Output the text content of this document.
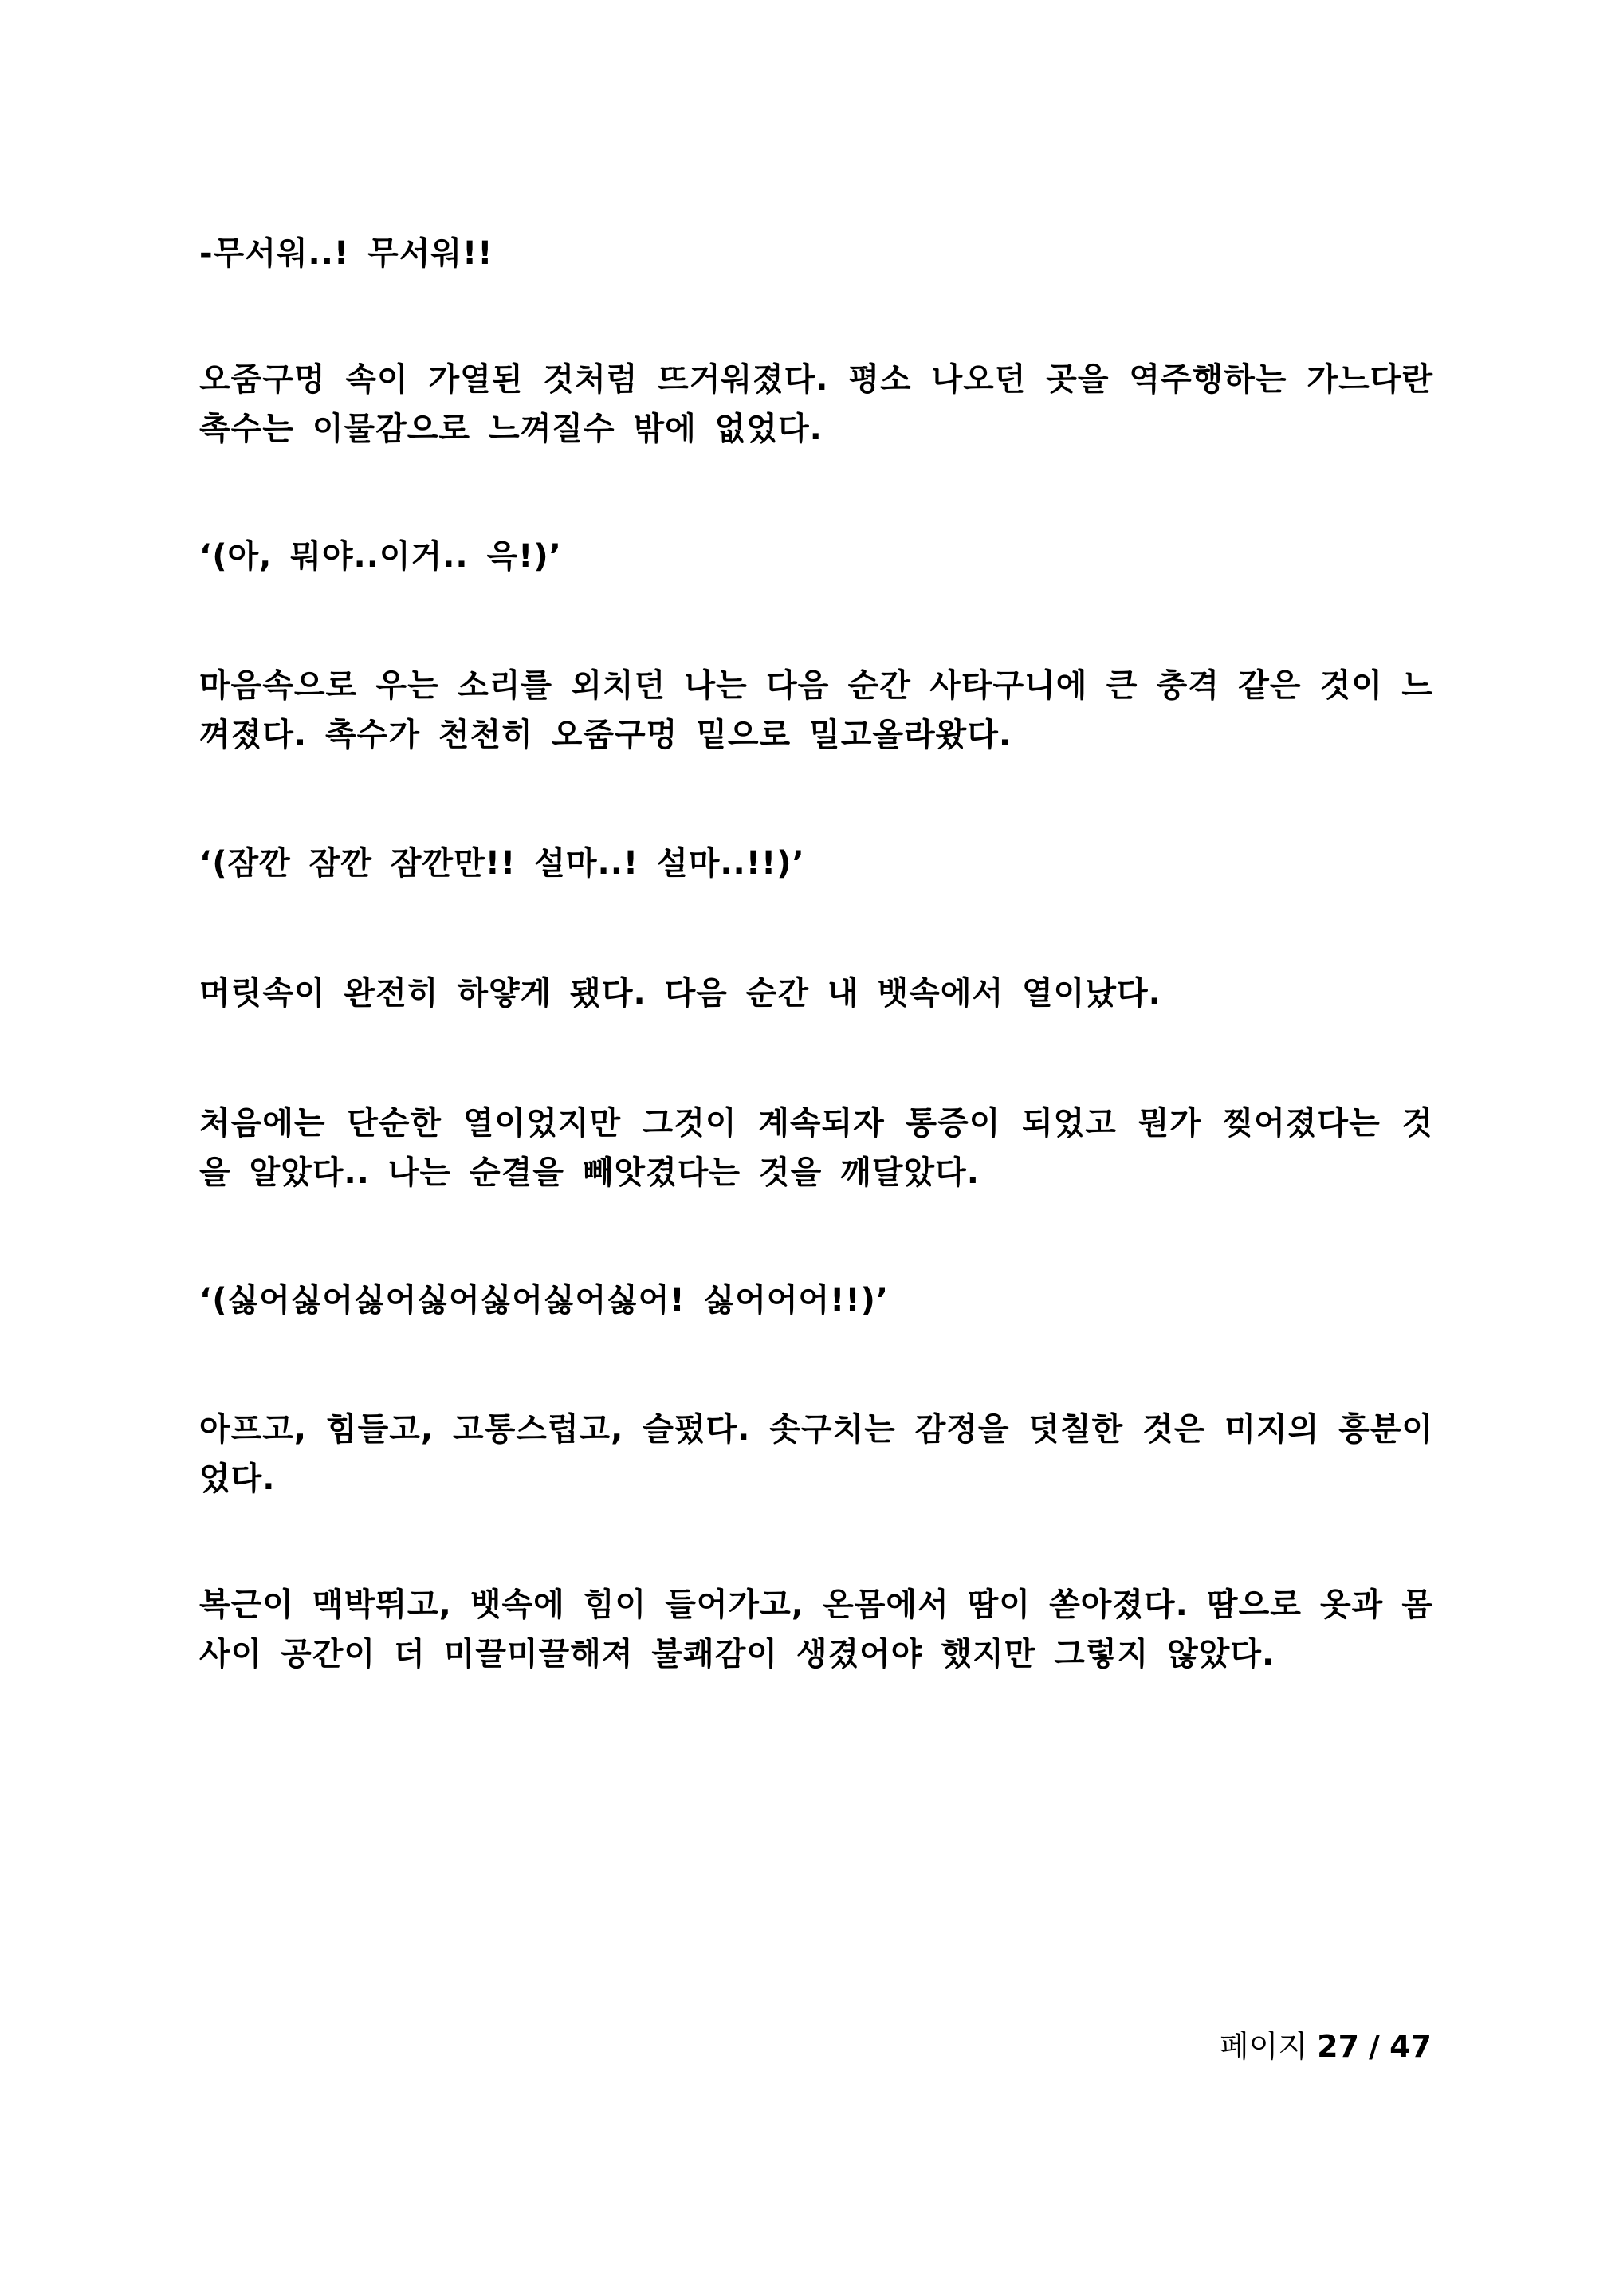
-무서워..! 무서워!!

오줌구멍 속이 가열된 것처럼 뜨거워졌다. 평소 나오던 곳을 역주행하는 가느다란 촉수는 이물감으로 느껴질수 밖에 없었다.

‘(아, 뭐야..이거.. 윽!)’

마음속으로 우는 소리를 외치던 나는 다음 순간 사타구니에 큰 충격 같은 것이 느껴졌다. 촉수가 천천히 오줌구멍 밑으로 밀고올라왔다.

‘(잠깐 잠깐 잠깐만!! 설마..! 설마..!!)’

머릿속이 완전히 하얗게 됐다. 다음 순간 내 뱃속에서 열이났다.

처음에는 단순한 열이었지만 그것이 계속되자 통증이 되었고 뭔가 찢어졌다는 것을 알았다.. 나는 순결을 빼앗겼다는 것을 깨달았다.

‘(싫어싫어싫어싫어싫어싫어싫어! 싫어어어!!)’

아프고, 힘들고, 고통스럽고, 슬펐다. 솟구치는 감정을 덧칠한 것은 미지의 흥분이었다.

복근이 맥박뛰고, 뱃속에 힘이 들어가고, 온몸에서 땀이 쏟아졌다. 땀으로 옷과 몸 사이 공간이 더 미끌미끌해져 불쾌감이 생겼어야 했지만 그렇지 않았다.

페이지 27 / 47
